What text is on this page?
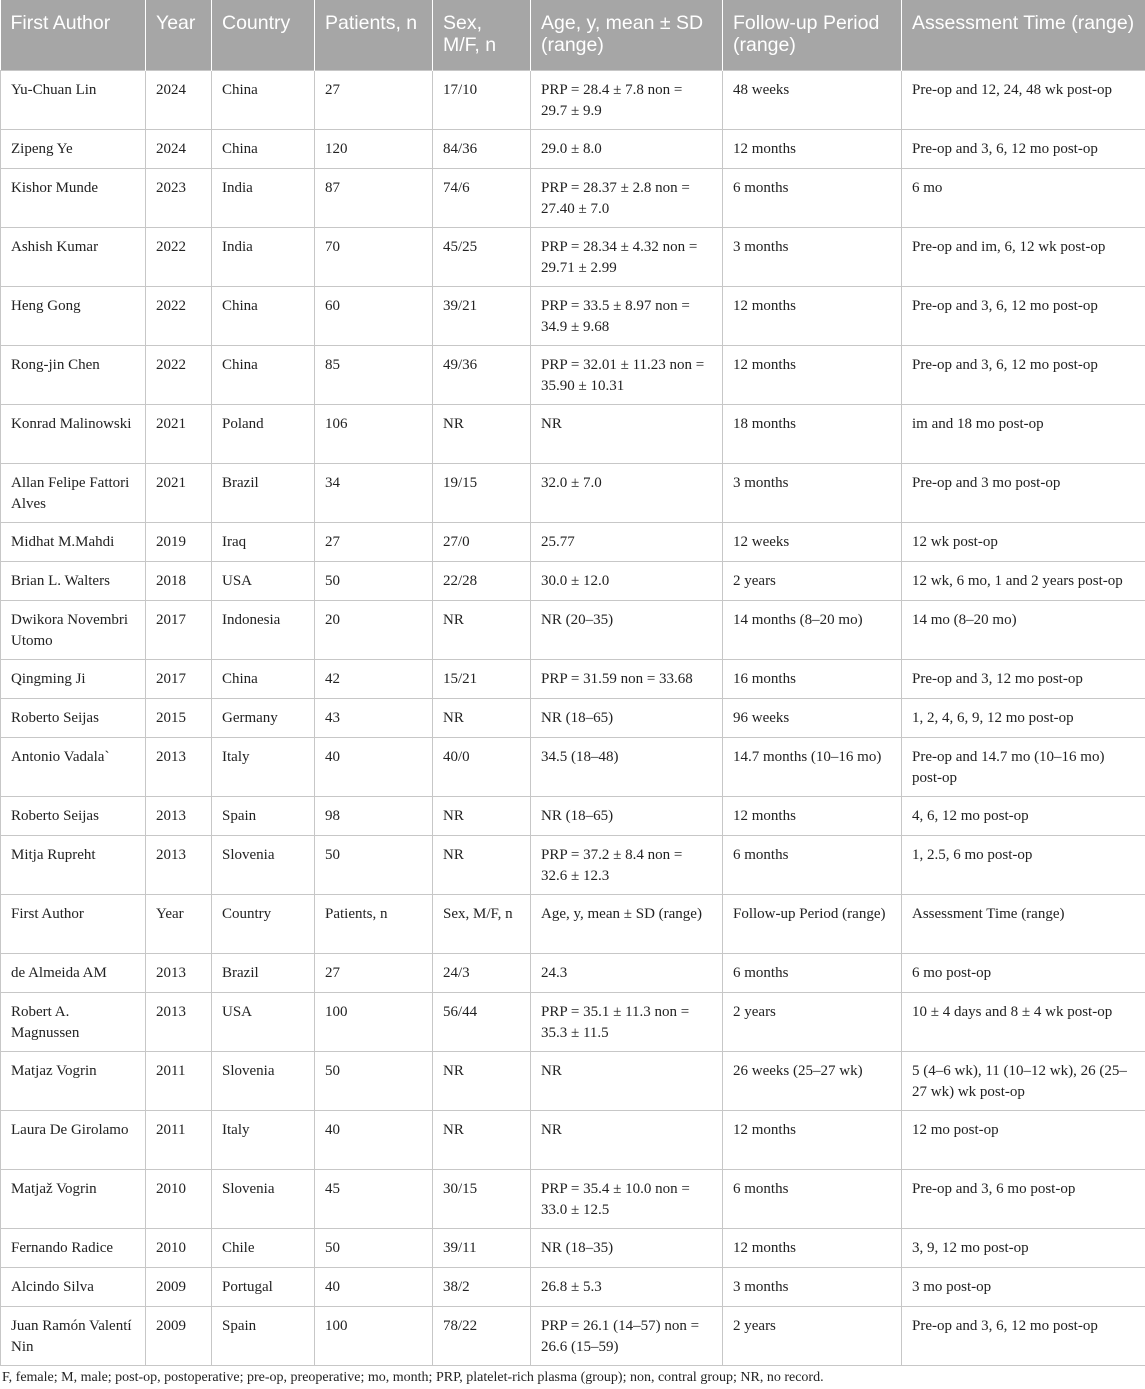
First Author	Year	Country	Patients, n	Sex, M/F, n	Age, y, mean ± SD (range)	Follow-up Period (range)	Assessment Time (range)
Yu-Chuan Lin	2024	China	27	17/10	PRP = 28.4 ± 7.8 non = 29.7 ± 9.9	48 weeks	Pre-op and 12, 24, 48 wk post-op
Zipeng Ye	2024	China	120	84/36	29.0 ± 8.0	12 months	Pre-op and 3, 6, 12 mo post-op
Kishor Munde	2023	India	87	74/6	PRP = 28.37 ± 2.8 non = 27.40 ± 7.0	6 months	6 mo
Ashish Kumar	2022	India	70	45/25	PRP = 28.34 ± 4.32 non = 29.71 ± 2.99	3 months	Pre-op and im, 6, 12 wk post-op
Heng Gong	2022	China	60	39/21	PRP = 33.5 ± 8.97 non = 34.9 ± 9.68	12 months	Pre-op and 3, 6, 12 mo post-op
Rong-jin Chen	2022	China	85	49/36	PRP = 32.01 ± 11.23 non = 35.90 ± 10.31	12 months	Pre-op and 3, 6, 12 mo post-op
Konrad Malinowski	2021	Poland	106	NR	NR	18 months	im and 18 mo post-op
Allan Felipe Fattori Alves	2021	Brazil	34	19/15	32.0 ± 7.0	3 months	Pre-op and 3 mo post-op
Midhat M.Mahdi	2019	Iraq	27	27/0	25.77	12 weeks	12 wk post-op
Brian L. Walters	2018	USA	50	22/28	30.0 ± 12.0	2 years	12 wk, 6 mo, 1 and 2 years post-op
Dwikora Novembri Utomo	2017	Indonesia	20	NR	NR (20–35)	14 months (8–20 mo)	14 mo (8–20 mo)
Qingming Ji	2017	China	42	15/21	PRP = 31.59 non = 33.68	16 months	Pre-op and 3, 12 mo post-op
Roberto Seijas	2015	Germany	43	NR	NR (18–65)	96 weeks	1, 2, 4, 6, 9, 12 mo post-op
Antonio Vadala`	2013	Italy	40	40/0	34.5 (18–48)	14.7 months (10–16 mo)	Pre-op and 14.7 mo (10–16 mo) post-op
Roberto Seijas	2013	Spain	98	NR	NR (18–65)	12 months	4, 6, 12 mo post-op
Mitja Rupreht	2013	Slovenia	50	NR	PRP = 37.2 ± 8.4 non = 32.6 ± 12.3	6 months	1, 2.5, 6 mo post-op
First Author	Year	Country	Patients, n	Sex, M/F, n	Age, y, mean ± SD (range)	Follow-up Period (range)	Assessment Time (range)
de Almeida AM	2013	Brazil	27	24/3	24.3	6 months	6 mo post-op
Robert A. Magnussen	2013	USA	100	56/44	PRP = 35.1 ± 11.3 non = 35.3 ± 11.5	2 years	10 ± 4 days and 8 ± 4 wk post-op
Matjaz Vogrin	2011	Slovenia	50	NR	NR	26 weeks (25–27 wk)	5 (4–6 wk), 11 (10–12 wk), 26 (25–27 wk) wk post-op
Laura De Girolamo	2011	Italy	40	NR	NR	12 months	12 mo post-op
Matjaž Vogrin	2010	Slovenia	45	30/15	PRP = 35.4 ± 10.0 non = 33.0 ± 12.5	6 months	Pre-op and 3, 6 mo post-op
Fernando Radice	2010	Chile	50	39/11	NR (18–35)	12 months	3, 9, 12 mo post-op
Alcindo Silva	2009	Portugal	40	38/2	26.8 ± 5.3	3 months	3 mo post-op
Juan Ramón Valentí Nin	2009	Spain	100	78/22	PRP = 26.1 (14–57) non = 26.6 (15–59)	2 years	Pre-op and 3, 6, 12 mo post-op
F, female; M, male; post-op, postoperative; pre-op, preoperative; mo, month; PRP, platelet-rich plasma (group); non, contral group; NR, no record.
